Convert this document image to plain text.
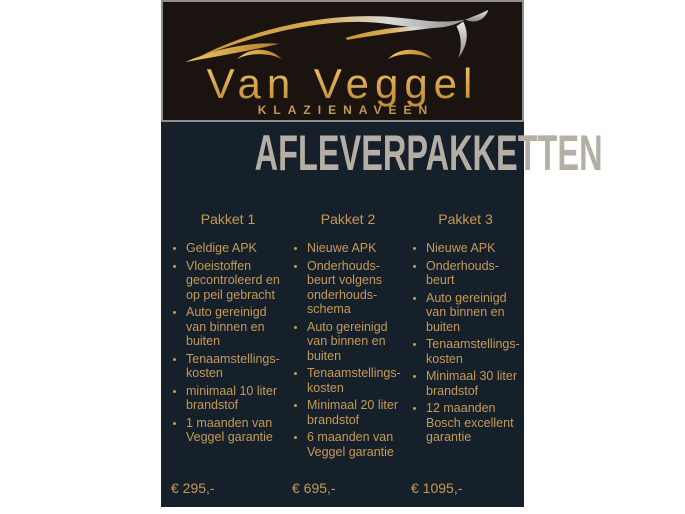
Van Veggel
KLAZIENAVEEN
AFLEVERPAKKETTEN
Pakket 1
• Geldige APK
• Vloeistoffen gecontroleerd en op peil gebracht
• Auto gereinigd van binnen en buiten
• Tenaamstellings-kosten
• minimaal 10 liter brandstof
• 1 maanden van Veggel garantie
€ 295,-
Pakket 2
• Nieuwe APK
• Onderhouds-beurt volgens onderhouds-schema
• Auto gereinigd van binnen en buiten
• Tenaamstellings-kosten
• Minimaal 20 liter brandstof
• 6 maanden van Veggel garantie
€ 695,-
Pakket 3
• Nieuwe APK
• Onderhouds-beurt
• Auto gereinigd van binnen en buiten
• Tenaamstellings-kosten
• Minimaal 30 liter brandstof
• 12 maanden Bosch excellent garantie
€ 1095,-
